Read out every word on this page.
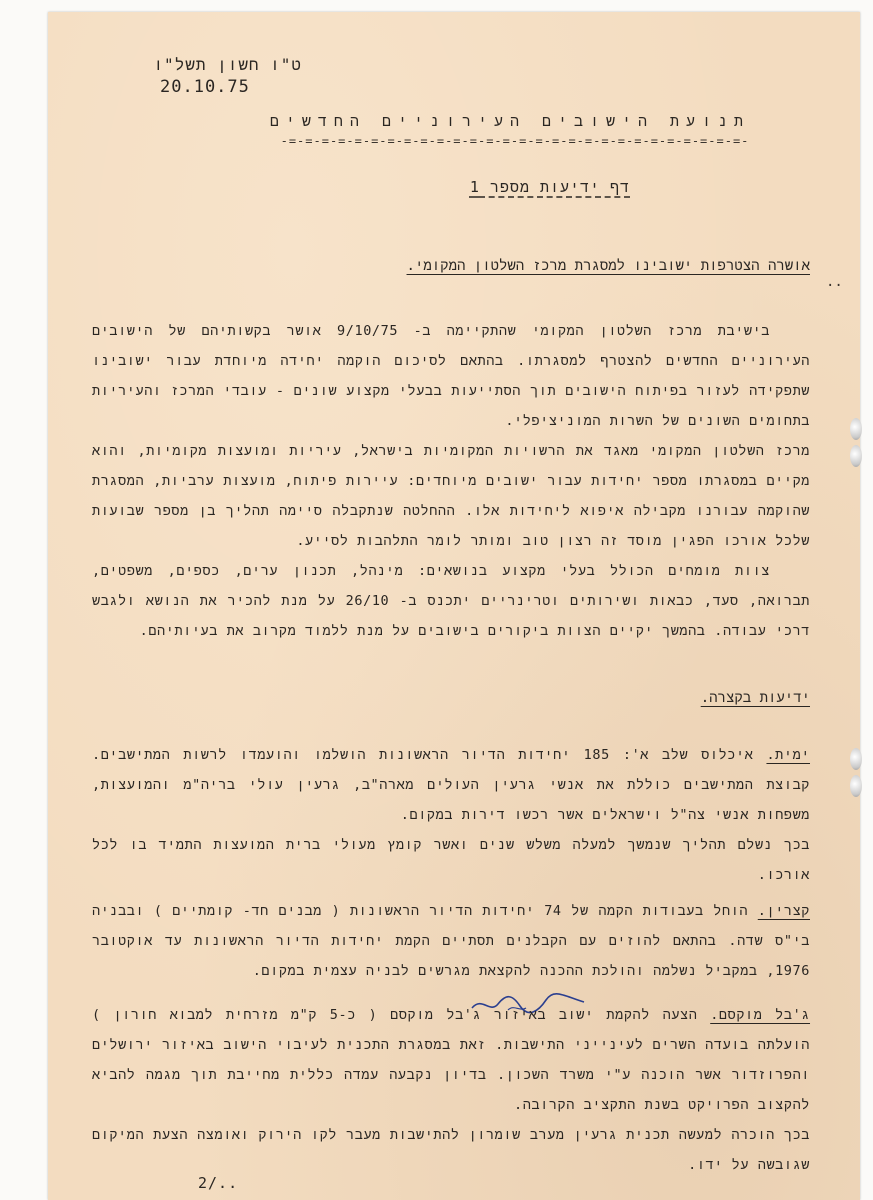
ט"ו חשון תשל"ו
20.10.75
תנועת הישובים העירוניים החדשים
-=-=-=-=-=-=-=-=-=-=-=-=-=-=-=-=-=-=-=-=-=-=-=-=-=-=-=-=-
דף ידיעות מספר 1
אושרה הצטרפות ישובינו למסגרת מרכז השלטון המקומי.
··

בישיבת מרכז השלטון המקומי שהתקיימה ב- 9/10/75 אושר בקשותיהם של הישובים העירוניים החדשים להצטרף למסגרתו. בהתאם לסיכום הוקמה יחידה מיוחדת עבור ישובינו שתפקידה לעזור בפיתוח הישובים תוך הסתייעות בבעלי מקצוע שונים - עובדי המרכז והעיריות בתחומים השונים של השרות המוניציפלי.

מרכז השלטון המקומי מאגד את הרשויות המקומיות בישראל, עיריות ומועצות מקומיות, והוא מקיים במסגרתו מספר יחידות עבור ישובים מיוחדים: עיירות פיתוח, מועצות ערביות, המסגרת שהוקמה עבורנו מקבילה איפוא ליחידות אלו. ההחלטה שנתקבלה סיימה תהליך בן מספר שבועות שלכל אורכו הפגין מוסד זה רצון טוב ומותר לומר התלהבות לסייע.

צוות מומחים הכולל בעלי מקצוע בנושאים: מינהל, תכנון ערים, כספים, משפטים, תברואה, סעד, כבאות ושירותים וטרינריים יתכנס ב- 26/10 על מנת להכיר את הנושא ולגבש דרכי עבודה. בהמשך יקיים הצוות ביקורים בישובים על מנת ללמוד מקרוב את בעיותיהם.

ידיעות בקצרה.

ימית. איכלוס שלב א': 185 יחידות הדיור הראשונות הושלמו והועמדו לרשות המתישבים. קבוצת המתישבים כוללת את אנשי גרעין העולים מארה"ב, גרעין עולי בריה"מ והמועצות, משפחות אנשי צה"ל וישראלים אשר רכשו דירות במקום.

בכך נשלם תהליך שנמשך למעלה משלש שנים ואשר קומץ מעולי ברית המועצות התמיד בו לכל אורכו.

קצרין. הוחל בעבודות הקמה של 74 יחידות הדיור הראשונות ( מבנים חד- קומתיים ) ובבניה בי"ס שדה. בהתאם להוזים עם הקבלנים תסתיים הקמת יחידות הדיור הראשונות עד אוקטובר 1976, במקביל נשלמה והולכת ההכנה להקצאת מגרשים לבניה עצמית במקום.

ג'בל מוקסם. הצעה להקמת ישוב באיזור ג'בל מוקסם ( כ-5 ק"מ מזרחית למבוא חורון ) הועלתה בועדה השרים לעינייני התישבות. זאת במסגרת התכנית לעיבוי הישוב באיזור ירושלים והפרוזדור אשר הוכנה ע"י משרד השכון. בדיון נקבעה עמדה כללית מחייבת תוך מגמה להביא להקצוב הפרויקט בשנת התקציב הקרובה.

בכך הוכרה למעשה תכנית גרעין מערב שומרון להתישבות מעבר לקו הירוק ואומצה הצעת המיקום שגובשה על ידו.

2/..
